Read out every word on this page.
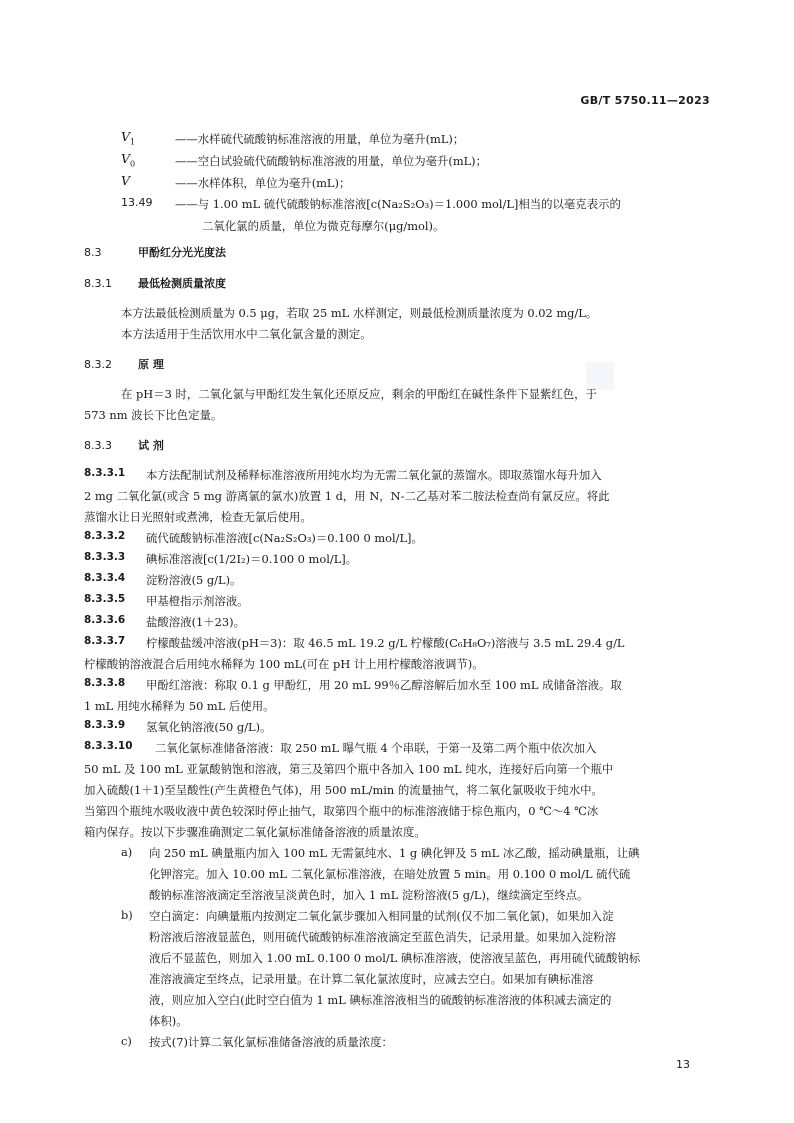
GB/T 5750.11—2023
$V_1$	——水样硫代硫酸钠标准溶液的用量，单位为毫升(mL)；
$V_0$	——空白试验硫代硫酸钠标准溶液的用量，单位为毫升(mL)；
V	——水样体积，单位为毫升(mL)；
13.49 ——与 1.00 mL 硫代硫酸钠标准溶液[c(Na₂S₂O₃)＝1.000 mol/L]相当的以毫克表示的
二氧化氯的质量，单位为微克每摩尔(μg/mol)。
8.3	甲酚红分光光度法
8.3.1 最低检测质量浓度
本方法最低检测质量为 0.5 μg，若取 25 mL 水样测定，则最低检测质量浓度为 0.02 mg/L。
本方法适用于生活饮用水中二氧化氯含量的测定。
8.3.2 原 理
在 pH＝3 时，二氧化氯与甲酚红发生氧化还原反应，剩余的甲酚红在碱性条件下显紫红色，于
573 nm 波长下比色定量。
8.3.3 试 剂
8.3.3.1 本方法配制试剂及稀释标准溶液所用纯水均为无需二氧化氯的蒸馏水。即取蒸馏水每升加入
2 mg 二氧化氯(或含 5 mg 游离氯的氯水)放置 1 d，用 N，N-二乙基对苯二胺法检查尚有氯反应。将此
蒸馏水让日光照射或煮沸，检查无氯后使用。
8.3.3.2 硫代硫酸钠标准溶液[c(Na₂S₂O₃)＝0.100 0 mol/L]。
8.3.3.3 碘标准溶液[c(1/2I₂)＝0.100 0 mol/L]。
8.3.3.4 淀粉溶液(5 g/L)。
8.3.3.5 甲基橙指示剂溶液。
8.3.3.6 盐酸溶液(1＋23)。
8.3.3.7 柠檬酸盐缓冲溶液(pH＝3)：取 46.5 mL 19.2 g/L 柠檬酸(C₆H₈O₇)溶液与 3.5 mL 29.4 g/L
柠檬酸钠溶液混合后用纯水稀释为 100 mL(可在 pH 计上用柠檬酸溶液调节)。
8.3.3.8 甲酚红溶液：称取 0.1 g 甲酚红，用 20 mL 99％乙醇溶解后加水至 100 mL 成储备溶液。取
1 mL 用纯水稀释为 50 mL 后使用。
8.3.3.9 氢氧化钠溶液(50 g/L)。
8.3.3.10 二氧化氯标准储备溶液：取 250 mL 曝气瓶 4 个串联，于第一及第二两个瓶中依次加入
50 mL 及 100 mL 亚氯酸钠饱和溶液，第三及第四个瓶中各加入 100 mL 纯水，连接好后向第一个瓶中
加入硫酸(1＋1)至呈酸性(产生黄橙色气体)，用 500 mL/min 的流量抽气，将二氧化氯吸收于纯水中。
当第四个瓶纯水吸收液中黄色较深时停止抽气，取第四个瓶中的标准溶液储于棕色瓶内，0 ℃～4 ℃冰
箱内保存。按以下步骤准确测定二氧化氯标准储备溶液的质量浓度。
a) 向 250 mL 碘量瓶内加入 100 mL 无需氯纯水、1 g 碘化钾及 5 mL 冰乙酸，摇动碘量瓶，让碘
化钾溶完。加入 10.00 mL 二氧化氯标准溶液，在暗处放置 5 min。用 0.100 0 mol/L 硫代硫
酸钠标准溶液滴定至溶液呈淡黄色时，加入 1 mL 淀粉溶液(5 g/L)，继续滴定至终点。
b) 空白滴定：向碘量瓶内按测定二氧化氯步骤加入相同量的试剂(仅不加二氧化氯)，如果加入淀
粉溶液后溶液显蓝色，则用硫代硫酸钠标准溶液滴定至蓝色消失，记录用量。如果加入淀粉溶
液后不显蓝色，则加入 1.00 mL 0.100 0 mol/L 碘标准溶液，使溶液呈蓝色，再用硫代硫酸钠标
准溶液滴定至终点，记录用量。在计算二氧化氯浓度时，应减去空白。如果加有碘标准溶
液，则应加入空白(此时空白值为 1 mL 碘标准溶液相当的硫酸钠标准溶液的体积减去滴定的
体积)。
c) 按式(7)计算二氧化氯标准储备溶液的质量浓度：
13
